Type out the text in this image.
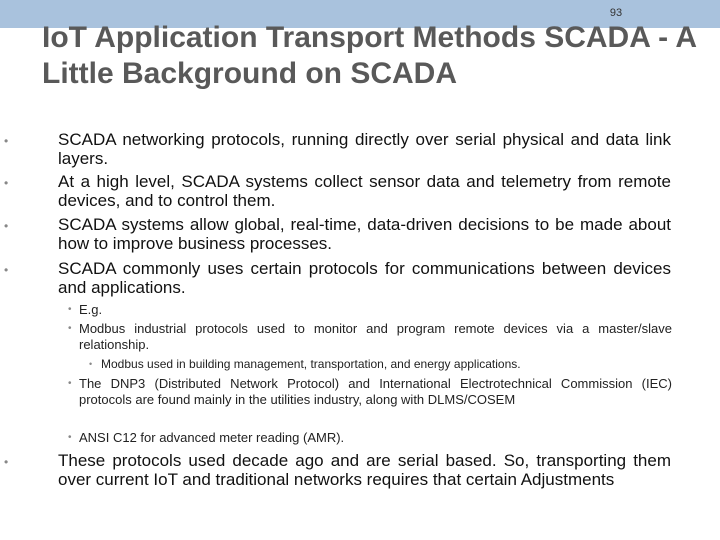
93
IoT Application Transport Methods SCADA - A Little Background on SCADA
•	SCADA networking protocols, running directly over serial physical and data link layers.
•	At a high level, SCADA systems collect sensor data and telemetry from remote devices, and to control them.
•	SCADA systems allow global, real-time, data-driven decisions to be made about how to improve business processes.
•	SCADA commonly uses certain protocols for communications between devices and applications.
• E.g.
• Modbus industrial protocols used to monitor and program remote devices via a master/slave relationship.
• Modbus used in building management, transportation, and energy applications.
• The DNP3 (Distributed Network Protocol) and International Electrotechnical Commission (IEC) protocols are found mainly in the utilities industry, along with DLMS/COSEM
• ANSI C12 for advanced meter reading (AMR).
•	These protocols used decade ago and are serial based. So, transporting them over current IoT and traditional networks requires that certain Adjustments
